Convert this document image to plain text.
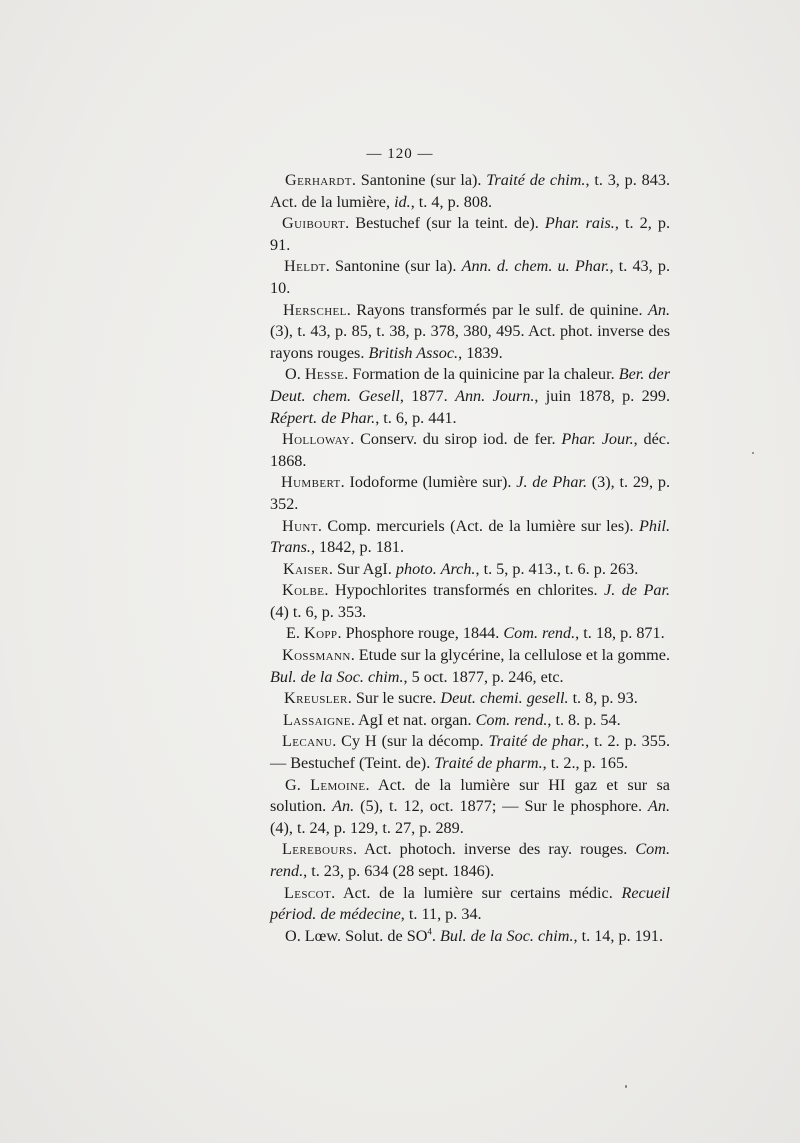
— 120 —

Gerhardt. Santonine (sur la). Traité de chim., t. 3, p. 843. Act. de la lumière, id., t. 4, p. 808.

Guibourt. Bestuchef (sur la teint. de). Phar. rais., t. 2, p. 91.

Heldt. Santonine (sur la). Ann. d. chem. u. Phar., t. 43, p. 10.

Herschel. Rayons transformés par le sulf. de quinine. An. (3), t. 43, p. 85, t. 38, p. 378, 380, 495. Act. phot. inverse des rayons rouges. British Assoc., 1839.

O. Hesse. Formation de la quinicine par la chaleur. Ber. der Deut. chem. Gesell, 1877. Ann. Journ., juin 1878, p. 299. Répert. de Phar., t. 6, p. 441.

Holloway. Conserv. du sirop iod. de fer. Phar. Jour., déc. 1868.

Humbert. Iodoforme (lumière sur). J. de Phar. (3), t. 29, p. 352.

Hunt. Comp. mercuriels (Act. de la lumière sur les). Phil. Trans., 1842, p. 181.

Kaiser. Sur AgI. photo. Arch., t. 5, p. 413., t. 6. p. 263.

Kolbe. Hypochlorites transformés en chlorites. J. de Par. (4) t. 6, p. 353.

E. Kopp. Phosphore rouge, 1844. Com. rend., t. 18, p. 871.

Kossmann. Etude sur la glycérine, la cellulose et la gomme. Bul. de la Soc. chim., 5 oct. 1877, p. 246, etc.

Kreusler. Sur le sucre. Deut. chemi. gesell. t. 8, p. 93.

Lassaigne. AgI et nat. organ. Com. rend., t. 8. p. 54.

Lecanu. Cy H (sur la décomp. Traité de phar., t. 2. p. 355. — Bestuchef (Teint. de). Traité de pharm., t. 2., p. 165.

G. Lemoine. Act. de la lumière sur HI gaz et sur sa solution. An. (5), t. 12, oct. 1877; — Sur le phosphore. An. (4), t. 24, p. 129, t. 27, p. 289.

Lerebours. Act. photoch. inverse des ray. rouges. Com. rend., t. 23, p. 634 (28 sept. 1846).

Lescot. Act. de la lumière sur certains médic. Recueil périod. de médecine, t. 11, p. 34.

O. Lœw. Solut. de $SO^4$. Bul. de la Soc. chim., t. 14, p. 191.
